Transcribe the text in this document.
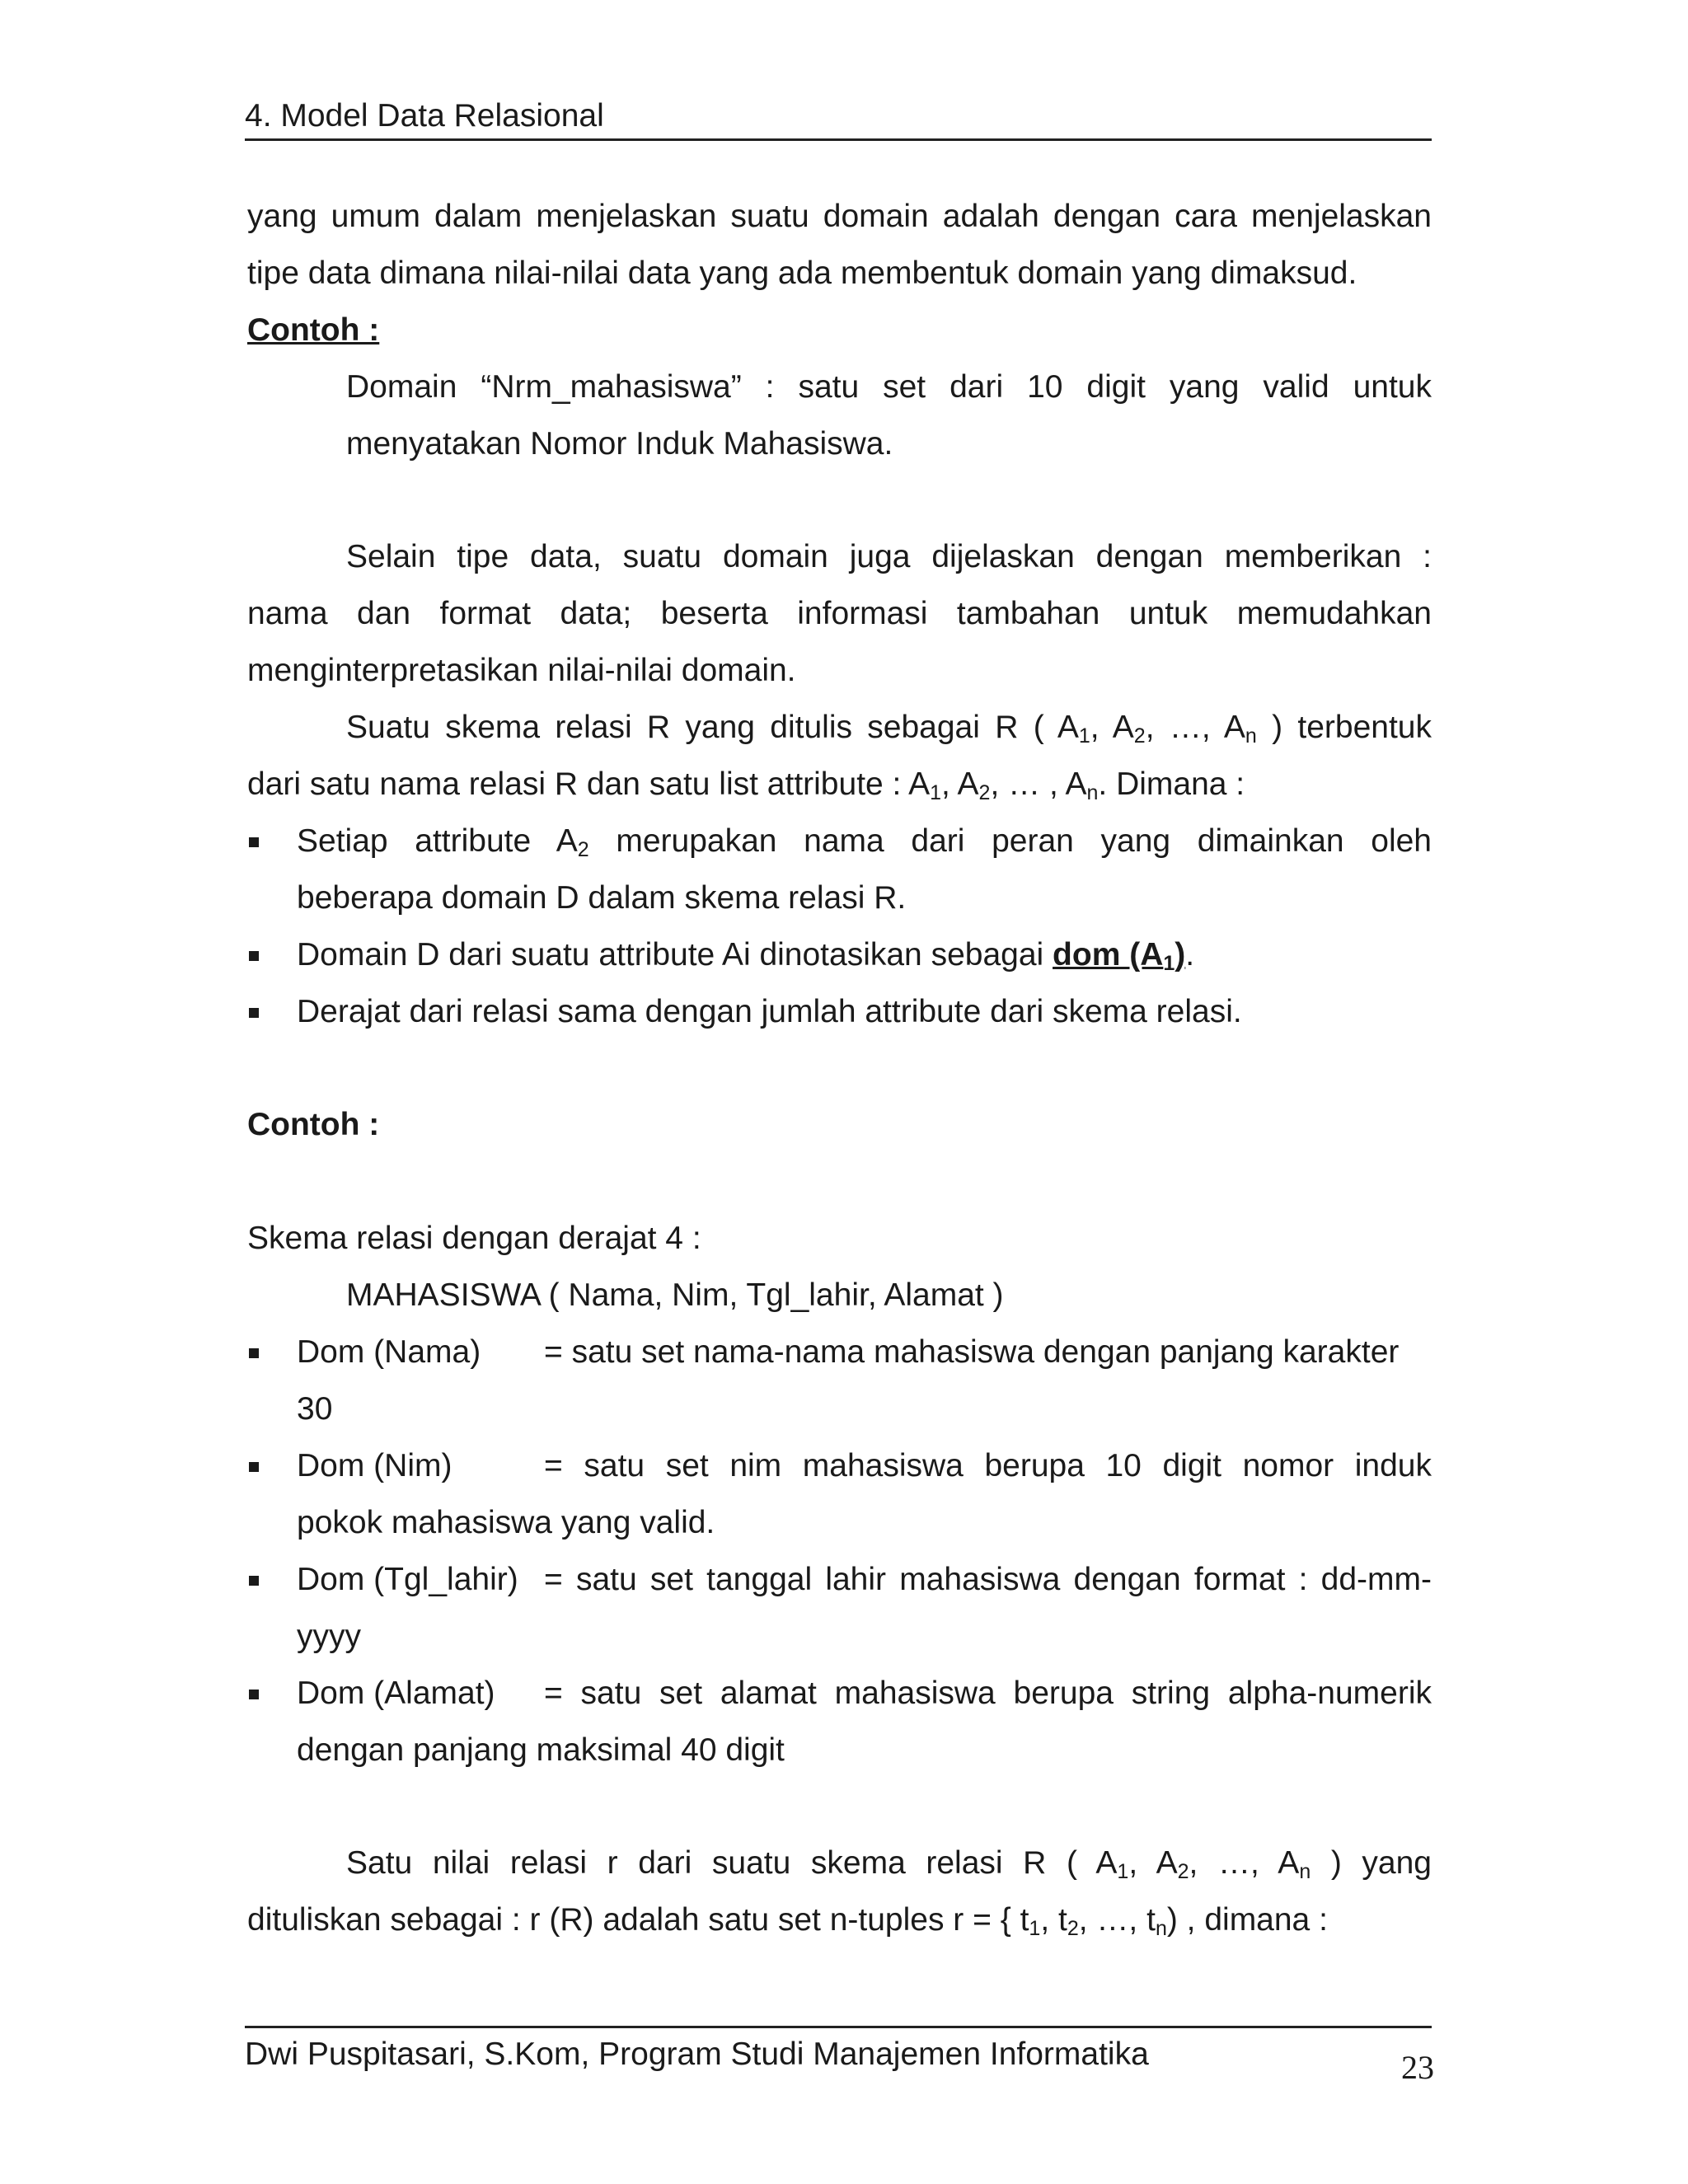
4. Model Data Relasional
yang umum dalam menjelaskan suatu domain adalah dengan cara menjelaskan
tipe data dimana nilai-nilai data yang ada membentuk domain yang dimaksud.
Contoh :
Domain “Nrm_mahasiswa” : satu set dari 10 digit yang valid untuk
menyatakan Nomor Induk Mahasiswa.
Selain tipe data, suatu domain juga dijelaskan dengan memberikan :
nama dan format data; beserta informasi tambahan untuk memudahkan
menginterpretasikan nilai-nilai domain.
Suatu skema relasi R yang ditulis sebagai R ( $A_1$, $A_2$, …, $A_n$ ) terbentuk
dari satu nama relasi R dan satu list attribute : $A_1$, $A_2$, … , $A_n$. Dimana :
Setiap attribute $A_2$ merupakan nama dari peran yang dimainkan oleh
beberapa domain D dalam skema relasi R.
Domain D dari suatu attribute Ai dinotasikan sebagai dom $(A_1)$.
Derajat dari relasi sama dengan jumlah attribute dari skema relasi.
Contoh :
Skema relasi dengan derajat 4 :
MAHASISWA ( Nama, Nim, Tgl_lahir, Alamat )
Dom (Nama) = satu set nama-nama mahasiswa dengan panjang karakter
30
Dom (Nim)	= satu set nim mahasiswa berupa 10 digit nomor induk
pokok mahasiswa yang valid.
Dom (Tgl_lahir) = satu set tanggal lahir mahasiswa dengan format : dd-mm-
yyyy
Dom (Alamat)	= satu set alamat mahasiswa berupa string alpha-numerik
dengan panjang maksimal 40 digit
Satu nilai relasi r dari suatu skema relasi R ( $A_1$, $A_2$, …, $A_n$ ) yang
dituliskan sebagai : r (R) adalah satu set n-tuples r = { $t_1$, $t_2$, …, $t_n$) , dimana :
Dwi Puspitasari, S.Kom, Program Studi Manajemen Informatika	23
